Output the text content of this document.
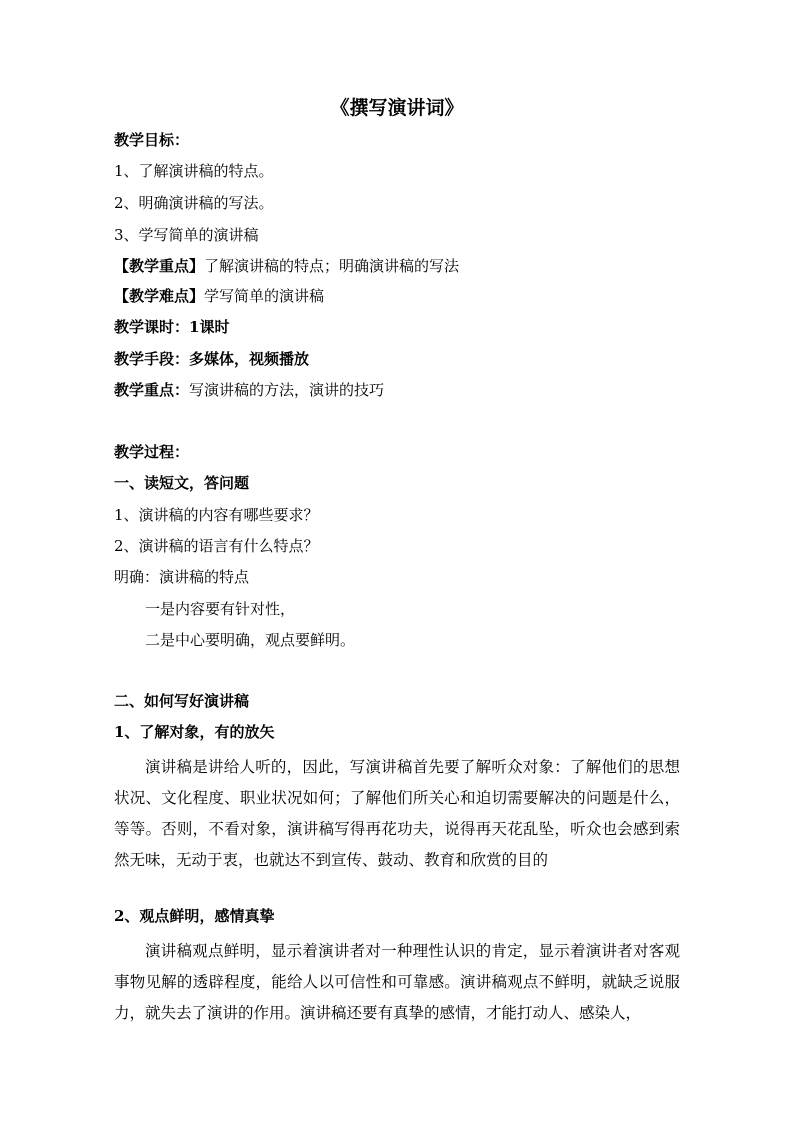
《撰写演讲词》
教学目标：
1、了解演讲稿的特点。
2、明确演讲稿的写法。
3、学写简单的演讲稿
【教学重点】了解演讲稿的特点；明确演讲稿的写法
【教学难点】学写简单的演讲稿
教学课时：1课时
教学手段：多媒体，视频播放
教学重点：写演讲稿的方法，演讲的技巧
教学过程：
一、读短文，答问题
1、演讲稿的内容有哪些要求？
2、演讲稿的语言有什么特点？
明确：演讲稿的特点
一是内容要有针对性，
二是中心要明确，观点要鲜明。
二、如何写好演讲稿
1、了解对象，有的放矢
演讲稿是讲给人听的，因此，写演讲稿首先要了解听众对象：了解他们的思想状况、文化程度、职业状况如何；了解他们所关心和迫切需要解决的问题是什么，等等。否则，不看对象，演讲稿写得再花功夫，说得再天花乱坠，听众也会感到索然无味，无动于衷，也就达不到宣传、鼓动、教育和欣赏的目的
2、观点鲜明，感情真挚
演讲稿观点鲜明，显示着演讲者对一种理性认识的肯定，显示着演讲者对客观事物见解的透辟程度，能给人以可信性和可靠感。演讲稿观点不鲜明，就缺乏说服力，就失去了演讲的作用。演讲稿还要有真挚的感情，才能打动人、感染人，
